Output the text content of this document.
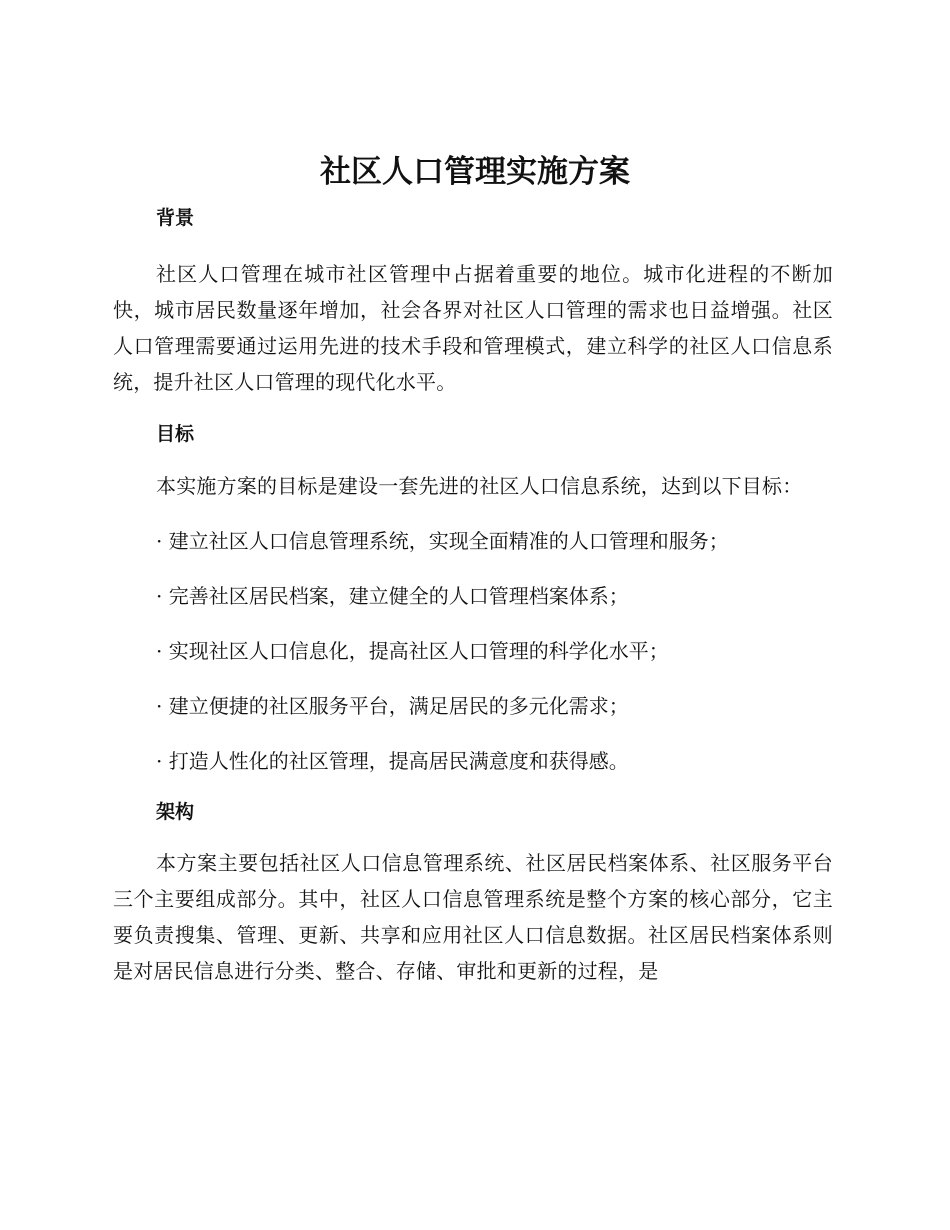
社区人口管理实施方案
背景

社区人口管理在城市社区管理中占据着重要的地位。城市化进程的不断加快，城市居民数量逐年增加，社会各界对社区人口管理的需求也日益增强。社区人口管理需要通过运用先进的技术手段和管理模式，建立科学的社区人口信息系统，提升社区人口管理的现代化水平。

目标

本实施方案的目标是建设一套先进的社区人口信息系统，达到以下目标：

· 建立社区人口信息管理系统，实现全面精准的人口管理和服务；

· 完善社区居民档案，建立健全的人口管理档案体系；

· 实现社区人口信息化，提高社区人口管理的科学化水平；

· 建立便捷的社区服务平台，满足居民的多元化需求；

· 打造人性化的社区管理，提高居民满意度和获得感。

架构

本方案主要包括社区人口信息管理系统、社区居民档案体系、社区服务平台三个主要组成部分。其中，社区人口信息管理系统是整个方案的核心部分，它主要负责搜集、管理、更新、共享和应用社区人口信息数据。社区居民档案体系则是对居民信息进行分类、整合、存储、审批和更新的过程，是
